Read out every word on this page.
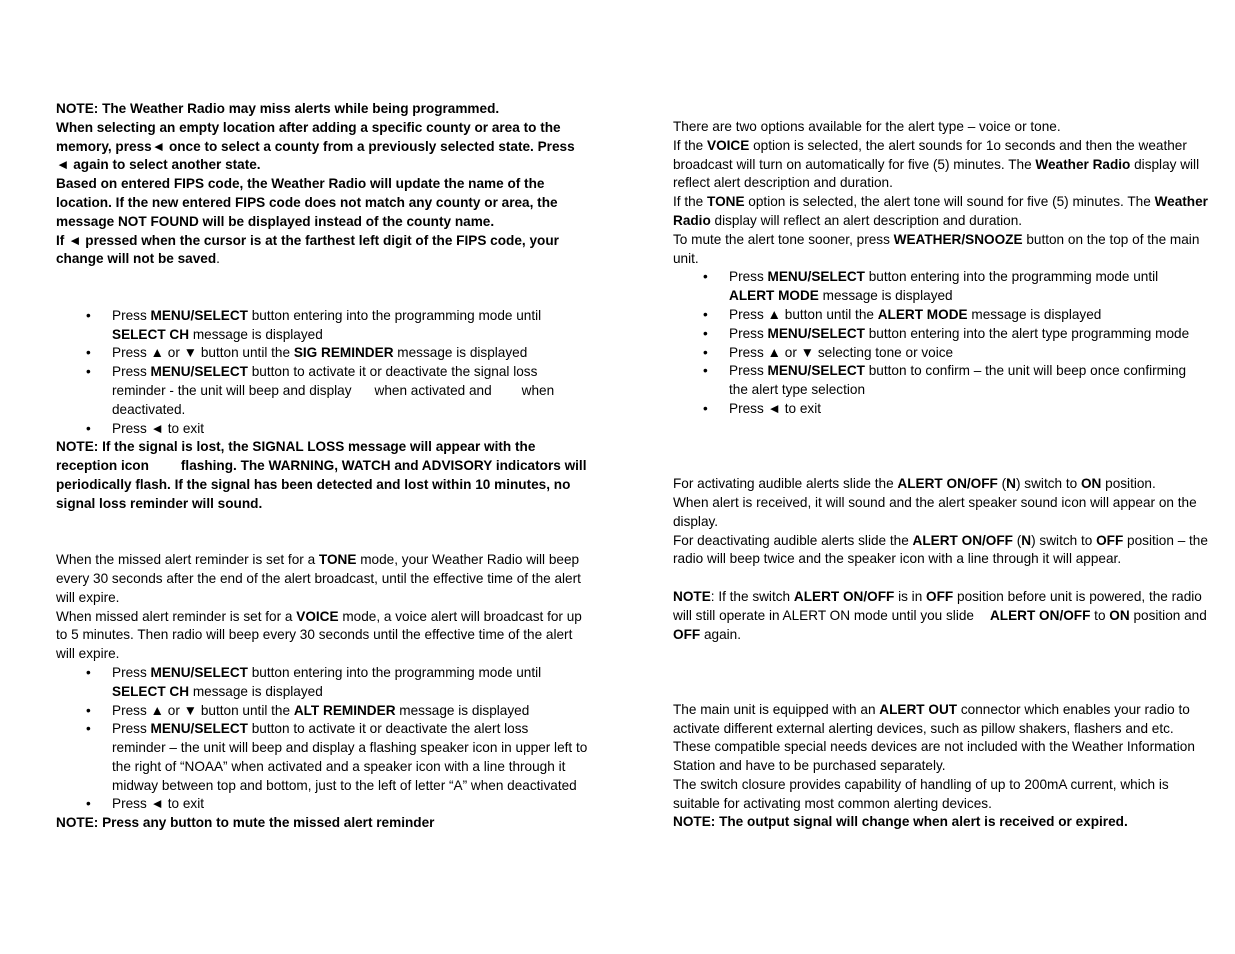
NOTE: The Weather Radio may miss alerts while being programmed.
When selecting an empty location after adding a specific county or area to the
memory, press◄ once to select a county from a previously selected state. Press
◄ again to select another state.
Based on entered FIPS code, the Weather Radio will update the name of the
location. If the new entered FIPS code does not match any county or area, the
message NOT FOUND will be displayed instead of the county name.
If ◄ pressed when the cursor is at the farthest left digit of the FIPS code, your
change will not be saved.
• Press MENU/SELECT button entering into the programming mode until
SELECT CH message is displayed
• Press ▲ or ▼ button until the SIG REMINDER message is displayed
• Press MENU/SELECT button to activate it or deactivate the signal loss
reminder - the unit will beep and display when activated and when
deactivated.
• Press ◄ to exit
NOTE: If the signal is lost, the SIGNAL LOSS message will appear with the
reception icon flashing. The WARNING, WATCH and ADVISORY indicators will
periodically flash. If the signal has been detected and lost within 10 minutes, no
signal loss reminder will sound.
When the missed alert reminder is set for a TONE mode, your Weather Radio will beep
every 30 seconds after the end of the alert broadcast, until the effective time of the alert
will expire.
When missed alert reminder is set for a VOICE mode, a voice alert will broadcast for up
to 5 minutes. Then radio will beep every 30 seconds until the effective time of the alert
will expire.
• Press MENU/SELECT button entering into the programming mode until
SELECT CH message is displayed
• Press ▲ or ▼ button until the ALT REMINDER message is displayed
• Press MENU/SELECT button to activate it or deactivate the alert loss
reminder – the unit will beep and display a flashing speaker icon in upper left to
the right of “NOAA” when activated and a speaker icon with a line through it
midway between top and bottom, just to the left of letter “A” when deactivated
• Press ◄ to exit
NOTE: Press any button to mute the missed alert reminder
There are two options available for the alert type – voice or tone.
If the VOICE option is selected, the alert sounds for 1o seconds and then the weather
broadcast will turn on automatically for five (5) minutes. The Weather Radio display will
reflect alert description and duration.
If the TONE option is selected, the alert tone will sound for five (5) minutes. The Weather
Radio display will reflect an alert description and duration.
To mute the alert tone sooner, press WEATHER/SNOOZE button on the top of the main
unit.
• Press MENU/SELECT button entering into the programming mode until
ALERT MODE message is displayed
• Press ▲ button until the ALERT MODE message is displayed
• Press MENU/SELECT button entering into the alert type programming mode
• Press ▲ or ▼ selecting tone or voice
• Press MENU/SELECT button to confirm – the unit will beep once confirming
the alert type selection
• Press ◄ to exit
For activating audible alerts slide the ALERT ON/OFF (N) switch to ON position.
When alert is received, it will sound and the alert speaker sound icon will appear on the
display.
For deactivating audible alerts slide the ALERT ON/OFF (N) switch to OFF position – the
radio will beep twice and the speaker icon with a line through it will appear.
NOTE: If the switch ALERT ON/OFF is in OFF position before unit is powered, the radio
will still operate in ALERT ON mode until you slide ALERT ON/OFF to ON position and
OFF again.
The main unit is equipped with an ALERT OUT connector which enables your radio to
activate different external alerting devices, such as pillow shakers, flashers and etc.
These compatible special needs devices are not included with the Weather Information
Station and have to be purchased separately.
The switch closure provides capability of handling of up to 200mA current, which is
suitable for activating most common alerting devices.
NOTE: The output signal will change when alert is received or expired.
